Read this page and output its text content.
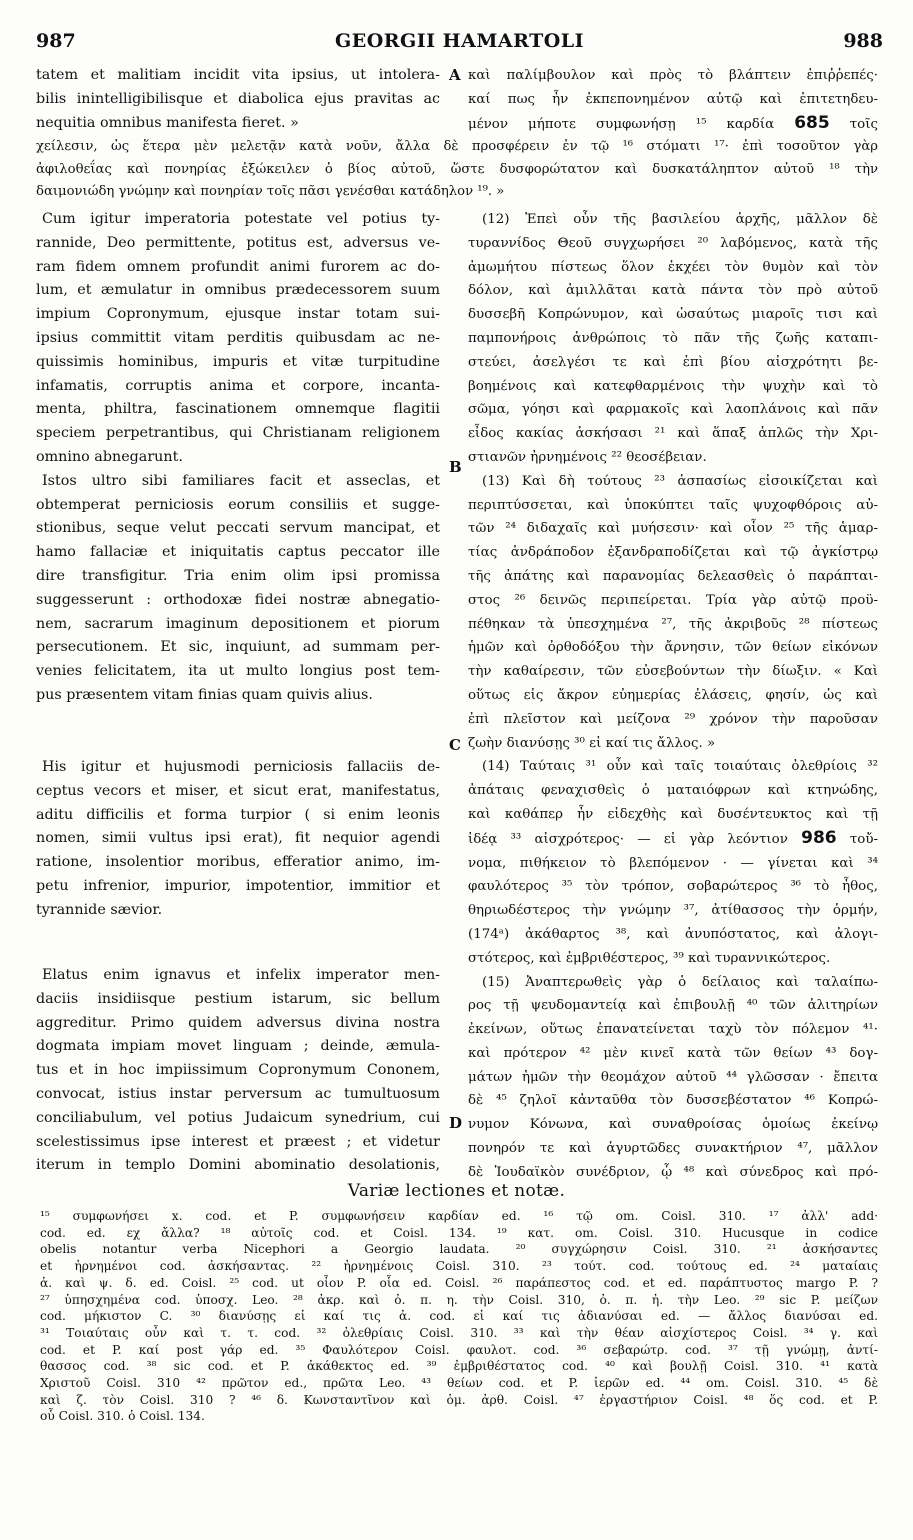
987	GEORGII HAMARTOLI	988
A
B
C
D
tatem et malitiam incidit vita ipsius, ut intolera-
bilis inintelligibilisque et diabolica ejus pravitas ac
nequitia omnibus manifesta fieret. »
καὶ παλίμβουλον καὶ πρὸς τὸ βλάπτειν ἐπιῤῥεπές·
καί πως ἦν ἐκπεπονημένον αὐτῷ καὶ ἐπιτετηδευ-
μένον μήποτε συμφωνήσῃ ¹⁵ καρδία 685 τοῖς
χείλεσιν, ὡς ἕτερα μὲν μελετᾷν κατὰ νοῦν, ἄλλα δὲ προσφέρειν ἐν τῷ ¹⁶ στόματι ¹⁷· ἐπὶ τοσοῦτον γὰρ
ἀφιλοθεΐας καὶ πονηρίας ἐξώκειλεν ὁ βίος αὐτοῦ, ὥστε δυσφορώτατον καὶ δυσκατάληπτον αὐτοῦ ¹⁸ τὴν
δαιμονιώδη γνώμην καὶ πονηρίαν τοῖς πᾶσι γενέσθαι κατάδηλον ¹⁹. »
Cum igitur imperatoria potestate vel potius ty-
rannide, Deo permittente, potitus est, adversus ve-
ram fidem omnem profundit animi furorem ac do-
lum, et æmulatur in omnibus prædecessorem suum
impium Copronymum, ejusque instar totam sui-
ipsius committit vitam perditis quibusdam ac ne-
quissimis hominibus, impuris et vitæ turpitudine
infamatis, corruptis anima et corpore, incanta-
menta, philtra, fascinationem omnemque flagitii
speciem perpetrantibus, qui Christianam religionem
omnino abnegarunt.
Istos ultro sibi familiares facit et asseclas, et
obtemperat perniciosis eorum consiliis et sugge-
stionibus, seque velut peccati servum mancipat, et
hamo fallaciæ et iniquitatis captus peccator ille
dire transfigitur. Tria enim olim ipsi promissa
suggesserunt : orthodoxæ fidei nostræ abnegatio-
nem, sacrarum imaginum depositionem et piorum
persecutionem. Et sic, inquiunt, ad summam per-
venies felicitatem, ita ut multo longius post tem-
pus præsentem vitam finias quam quivis alius.
His igitur et hujusmodi perniciosis fallaciis de-
ceptus vecors et miser, et sicut erat, manifestatus,
aditu difficilis et forma turpior ( si enim leonis
nomen, simii vultus ipsi erat), fit nequior agendi
ratione, insolentior moribus, efferatior animo, im-
petu infrenior, impurior, impotentior, immitior et
tyrannide sævior.
Elatus enim ignavus et infelix imperator men-
daciis insidiisque pestium istarum, sic bellum
aggreditur. Primo quidem adversus divina nostra
dogmata impiam movet linguam ; deinde, æmula-
tus et in hoc impiissimum Copronymum Cononem,
convocat, istius instar perversum ac tumultuosum
conciliabulum, vel potius Judaicum synedrium, cui
scelestissimus ipse interest et præest ; et videtur
iterum in templo Domini abominatio desolationis,
(12) Ἐπεὶ οὖν τῆς βασιλείου ἀρχῆς, μᾶλλον δὲ
τυραννίδος Θεοῦ συγχωρήσει ²⁰ λαβόμενος, κατὰ τῆς
ἀμωμήτου πίστεως ὅλον ἐκχέει τὸν θυμὸν καὶ τὸν
δόλον, καὶ ἁμιλλᾶται κατὰ πάντα τὸν πρὸ αὐτοῦ
δυσσεβῆ Κοπρώνυμον, καὶ ὡσαύτως μιαροῖς τισι καὶ
παμπονήροις ἀνθρώποις τὸ πᾶν τῆς ζωῆς καταπι-
στεύει, ἀσελγέσι τε καὶ ἐπὶ βίου αἰσχρότητι βε-
βοημένοις καὶ κατεφθαρμένοις τὴν ψυχὴν καὶ τὸ
σῶμα, γόησι καὶ φαρμακοῖς καὶ λαοπλάνοις καὶ πᾶν
εἶδος κακίας ἀσκήσασι ²¹ καὶ ἅπαξ ἁπλῶς τὴν Χρι-
στιανῶν ἠρνημένοις ²² θεοσέβειαν.
(13) Καὶ δὴ τούτους ²³ ἀσπασίως εἰσοικίζεται καὶ
περιπτύσσεται, καὶ ὑποκύπτει ταῖς ψυχοφθόροις αὐ-
τῶν ²⁴ διδαχαῖς καὶ μυήσεσιν· καὶ οἷον ²⁵ τῆς ἁμαρ-
τίας ἀνδράποδον ἐξανδραποδίζεται καὶ τῷ ἀγκίστρῳ
τῆς ἀπάτης καὶ παρανομίας δελεασθεὶς ὁ παράπται-
στος ²⁶ δεινῶς περιπείρεται. Τρία γὰρ αὐτῷ προϋ-
πέθηκαν τὰ ὑπεσχημένα ²⁷, τῆς ἀκριβοῦς ²⁸ πίστεως
ἡμῶν καὶ ὀρθοδόξου τὴν ἄρνησιν, τῶν θείων εἰκόνων
τὴν καθαίρεσιν, τῶν εὐσεβούντων τὴν δίωξιν. « Καὶ
οὕτως εἰς ἄκρον εὐημερίας ἐλάσεις, φησίν, ὡς καὶ
ἐπὶ πλεῖστον καὶ μείζονα ²⁹ χρόνον τὴν παροῦσαν
ζωὴν διανύσῃς ³⁰ εἰ καί τις ἄλλος. »
(14) Ταύταις ³¹ οὖν καὶ ταῖς τοιαύταις ὀλεθρίοις ³²
ἀπάταις φεναχισθεὶς ὁ ματαιόφρων καὶ κτηνώδης,
καὶ καθάπερ ἦν εἰδεχθὴς καὶ δυσέντευκτος καὶ τῇ
ἰδέᾳ ³³ αἰσχρότερος· — εἰ γὰρ λεόντιον 986 τοὔ-
νομα, πιθήκειον τὸ βλεπόμενον · — γίνεται καὶ ³⁴
φαυλότερος ³⁵ τὸν τρόπον, σοβαρώτερος ³⁶ τὸ ἦθος,
θηριωδέστερος τὴν γνώμην ³⁷, ἀτίθασσος τὴν ὁρμήν,
(174ᵃ) ἀκάθαρτος ³⁸, καὶ ἀνυπόστατος, καὶ ἀλογι-
στότερος, καὶ ἐμβριθέστερος, ³⁹ καὶ τυραννικώτερος.
(15) Ἀναπτερωθεὶς γὰρ ὁ δείλαιος καὶ ταλαίπω-
ρος τῇ ψευδομαντείᾳ καὶ ἐπιβουλῇ ⁴⁰ τῶν ἀλιτηρίων
ἐκείνων, οὕτως ἐπανατείνεται ταχὺ τὸν πόλεμον ⁴¹·
καὶ πρότερον ⁴² μὲν κινεῖ κατὰ τῶν θείων ⁴³ δογ-
μάτων ἡμῶν τὴν θεομάχον αὐτοῦ ⁴⁴ γλῶσσαν · ἔπειτα
δὲ ⁴⁵ ζηλοῖ κἀνταῦθα τὸν δυσσεβέστατον ⁴⁶ Κοπρώ-
νυμον Κόνωνα, καὶ συναθροίσας ὁμοίως ἐκείνῳ
πονηρόν τε καὶ ἀγυρτῶδες συνακτήριον ⁴⁷, μᾶλλον
δὲ Ἰουδαϊκὸν συνέδριον, ᾧ ⁴⁸ καὶ σύνεδρος καὶ πρό-
Variæ lectiones et notæ.
¹⁵ συμφωνήσει x. cod. et P. συμφωνήσειν καρδίαν ed. ¹⁶ τῷ om. Coisl. 310. ¹⁷ ἀλλ' add·
cod. ed. εχ ἄλλα? ¹⁸ αὐτοῖς cod. et Coisl. 134. ¹⁹ κατ. om. Coisl. 310. Hucusque in codice
obelis notantur verba Nicephori a Georgio laudata. ²⁰ συγχώρησιν Coisl. 310. ²¹ ἀσκήσαντες
et ἠρνημένοι cod. ἀσκήσαντας. ²² ἠρνημένοις Coisl. 310. ²³ τούτ. cod. τούτους ed. ²⁴ ματαίαις
ἀ. καὶ ψ. δ. ed. Coisl. ²⁵ cod. ut οἷον P. οἷα ed. Coisl. ²⁶ παράπεστος cod. et ed. παράπτυστος margo P. ?
²⁷ ὑπησχημένα cod. ὑποσχ. Leo. ²⁸ ἀκρ. καὶ ὀ. π. η. τὴν Coisl. 310, ὀ. π. ἠ. τὴν Leo. ²⁹ sic P. μείζων
cod. μήκιστον C. ³⁰ διανύσῃς εἰ καί τις ἀ. cod. εἰ καί τις ἀδιανύσαι ed. — ἄλλος διανύσαι ed.
³¹ Τοιαύταις οὖν καὶ τ. τ. cod. ³² ὀλεθρίαις Coisl. 310. ³³ καὶ τὴν θέαν αἰσχίστερος Coisl. ³⁴ γ. καὶ
cod. et P. καί post γάρ ed. ³⁵ Φαυλότερον Coisl. φαυλοτ. cod. ³⁶ σεβαρώτρ. cod. ³⁷ τῇ γνώμῃ, ἀντί-
θασσος cod. ³⁸ sic cod. et P. ἀκάθεκτος ed. ³⁹ ἐμβριθέστατος cod. ⁴⁰ καὶ βουλῇ Coisl. 310. ⁴¹ κατὰ
Χριστοῦ Coisl. 310 ⁴² πρῶτον ed., πρῶτα Leo. ⁴³ θείων cod. et P. ἱερῶν ed. ⁴⁴ om. Coisl. 310. ⁴⁵ δὲ
καὶ ζ. τὸν Coisl. 310 ? ⁴⁶ δ. Κωνσταντῖνον καὶ ὁμ. ἀρθ. Coisl. ⁴⁷ ἐργαστήριον Coisl. ⁴⁸ ὅς cod. et P.
οὗ Coisl. 310. ὁ Coisl. 134.
